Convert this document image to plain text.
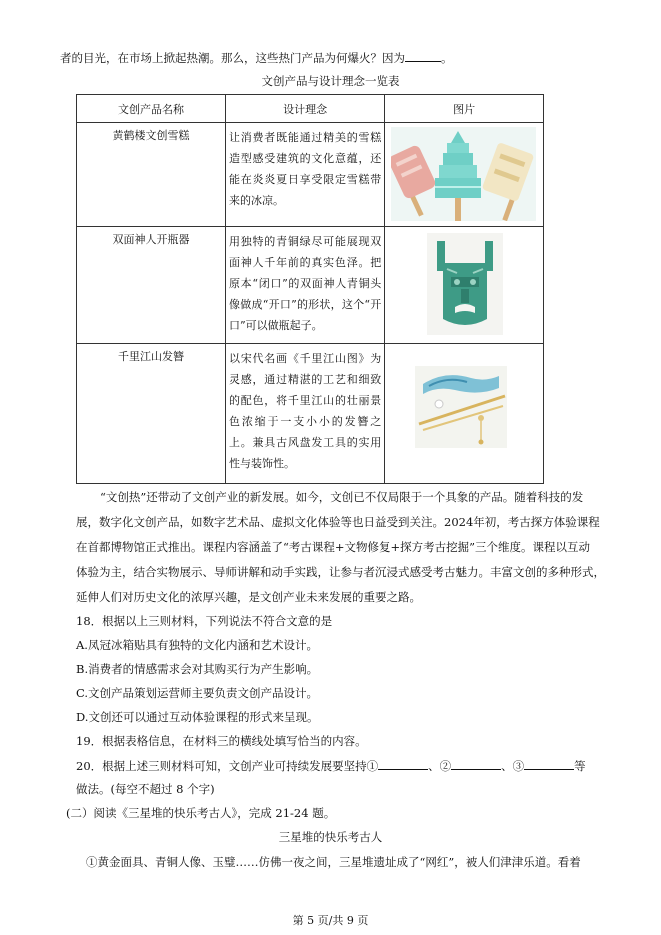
者的目光，在市场上掀起热潮。那么，这些热门产品为何爆火？因为	。
文创产品与设计理念一览表
文创产品名称	设计理念	图片
黄鹤楼文创雪糕	让消费者既能通过精美的雪糕造型感受建筑的文化意蕴，还能在炎炎夏日享受限定雪糕带来的冰凉。	

双面神人开瓶器	用独特的青铜绿尽可能展现双面神人千年前的真实色泽。把原本“闭口”的双面神人青铜头像做成“开口”的形状，这个“开口”可以做瓶起子。	

千里江山发簪	以宋代名画《千里江山图》为灵感，通过精湛的工艺和细致的配色，将千里江山的壮丽景色浓缩于一支小小的发簪之上。兼具古风盘发工具的实用性与装饰性。	
“文创热”还带动了文创产业的新发展。如今，文创已不仅局限于一个具象的产品。随着科技的发
展，数字化文创产品，如数字艺术品、虚拟文化体验等也日益受到关注。2024年初，考古探方体验课程
在首都博物馆正式推出。课程内容涵盖了“考古课程+文物修复+探方考古挖掘”三个维度。课程以互动
体验为主，结合实物展示、导师讲解和动手实践，让参与者沉浸式感受考古魅力。丰富文创的多种形式，
延伸人们对历史文化的浓厚兴趣，是文创产业未来发展的重要之路。
18．根据以上三则材料，下列说法不符合文意的是
A.凤冠冰箱贴具有独特的文化内涵和艺术设计。
B.消费者的情感需求会对其购买行为产生影响。
C.文创产品策划运营师主要负责文创产品设计。
D.文创还可以通过互动体验课程的形式来呈现。
19．根据表格信息，在材料三的横线处填写恰当的内容。
20．根据上述三则材料可知，文创产业可持续发展要坚持①	、②	、③	等
做法。(每空不超过 8 个字)
(二）阅读《三星堆的快乐考古人》，完成 21-24 题。
三星堆的快乐考古人
①黄金面具、青铜人像、玉璧……仿佛一夜之间，三星堆遗址成了“网红”，被人们津津乐道。看着
第 5 页/共 9 页
